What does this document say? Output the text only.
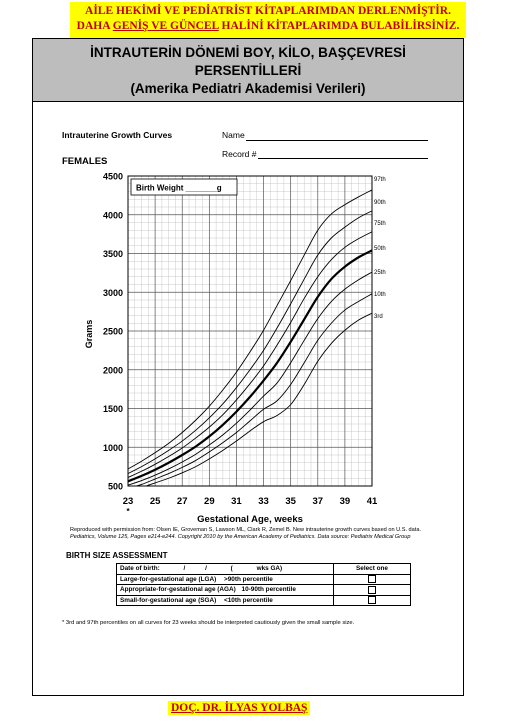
AİLE HEKİMİ VE PEDİATRİST KİTAPLARIMDAN DERLENMİŞTİR.
DAHA GENİŞ VE GÜNCEL HALİNİ KİTAPLARIMDA BULABİLİRSİNİZ.
İNTRAUTERİN DÖNEMİ BOY, KİLO, BAŞÇEVRESİ
PERSENTİLLERİ
(Amerika Pediatri Akademisi Verileri)
Intrauterine Growth Curves	Name
Record #
FEMALES
Birth Weight _______g
97th
90th
75th
50th
25th
10th
3rd
500
1000
1500
2000
2500
3000
3500
4000
4500
23 25 27 29 31 33 35 37 39 41
*
Gestational Age, weeks
Grams
Reproduced with permission from: Olsen IE, Groveman S, Lawson ML, Clark R, Zemel B. New intrauterine growth curves based on U.S. data.
Pediatrics, Volume 125, Pages e214-e244. Copyright 2010 by the American Academy of Pediatrics. Data source: Pediatrix Medical Group
BIRTH SIZE ASSESSMENT
Date of birth: / / ( wks GA)	Select one
Large-for-gestational age (LGA) >90th percentile	
Appropriate-for-gestational age (AGA) 10-90th percentile	
Small-for-gestational age (SGA) <10th percentile	
* 3rd and 97th percentiles on all curves for 23 weeks should be interpreted cautiously given the small sample size.
DOÇ. DR. İLYAS YOLBAŞ
